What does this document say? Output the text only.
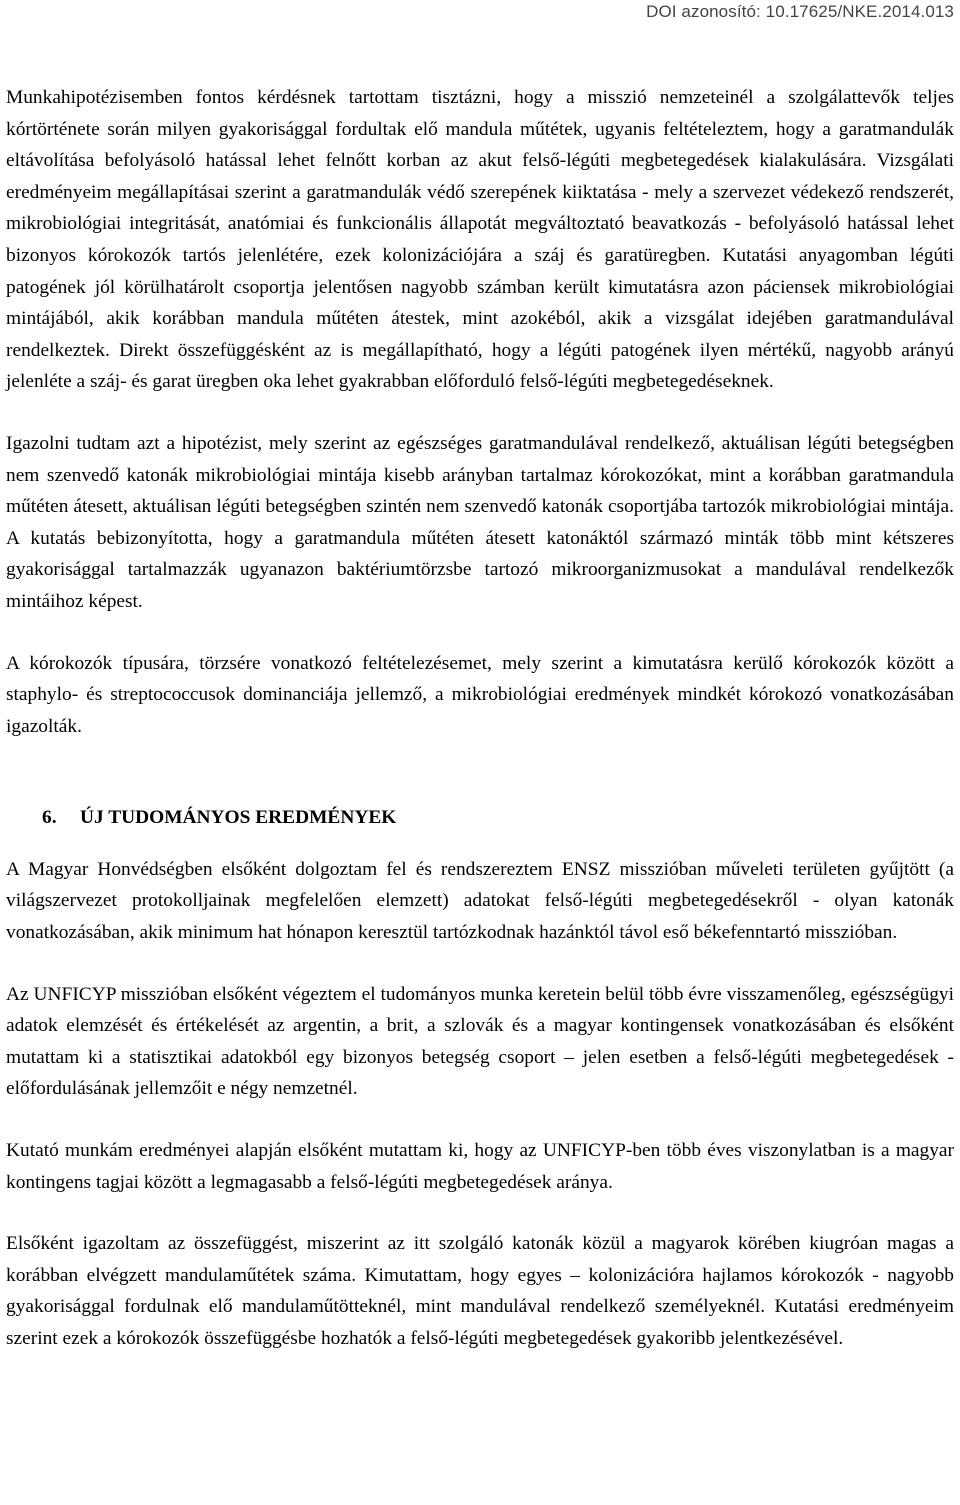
DOI azonosító: 10.17625/NKE.2014.013

Munkahipotézisemben fontos kérdésnek tartottam tisztázni, hogy a misszió nemzeteinél a szolgálattevők teljes kórtörténete során milyen gyakorisággal fordultak elő mandula műtétek, ugyanis feltételeztem, hogy a garatmandulák eltávolítása befolyásoló hatással lehet felnőtt korban az akut felső-légúti megbetegedések kialakulására. Vizsgálati eredményeim megállapításai szerint a garatmandulák védő szerepének kiiktatása - mely a szervezet védekező rendszerét, mikrobiológiai integritását, anatómiai és funkcionális állapotát megváltoztató beavatkozás - befolyásoló hatással lehet bizonyos kórokozók tartós jelenlétére, ezek kolonizációjára a száj és garatüregben. Kutatási anyagomban légúti patogének jól körülhatárolt csoportja jelentősen nagyobb számban került kimutatásra azon páciensek mikrobiológiai mintájából, akik korábban mandula műtéten átestek, mint azokéból, akik a vizsgálat idejében garatmandulával rendelkeztek. Direkt összefüggésként az is megállapítható, hogy a légúti patogének ilyen mértékű, nagyobb arányú jelenléte a száj- és garat üregben oka lehet gyakrabban előforduló felső-légúti megbetegedéseknek.

Igazolni tudtam azt a hipotézist, mely szerint az egészséges garatmandulával rendelkező, aktuálisan légúti betegségben nem szenvedő katonák mikrobiológiai mintája kisebb arányban tartalmaz kórokozókat, mint a korábban garatmandula műtéten átesett, aktuálisan légúti betegségben szintén nem szenvedő katonák csoportjába tartozók mikrobiológiai mintája. A kutatás bebizonyította, hogy a garatmandula műtéten átesett katonáktól származó minták több mint kétszeres gyakorisággal tartalmazzák ugyanazon baktériumtörzsbe tartozó mikroorganizmusokat a mandulával rendelkezők mintáihoz képest.

A kórokozók típusára, törzsére vonatkozó feltételezésemet, mely szerint a kimutatásra kerülő kórokozók között a staphylo- és streptococcusok dominanciája jellemző, a mikrobiológiai eredmények mindkét kórokozó vonatkozásában igazolták.

6.	ÚJ TUDOMÁNYOS EREDMÉNYEK

A Magyar Honvédségben elsőként dolgoztam fel és rendszereztem ENSZ misszióban műveleti területen gyűjtött (a világszervezet protokolljainak megfelelően elemzett) adatokat felső-légúti megbetegedésekről - olyan katonák vonatkozásában, akik minimum hat hónapon keresztül tartózkodnak hazánktól távol eső békefenntartó misszióban.

Az UNFICYP misszióban elsőként végeztem el tudományos munka keretein belül több évre visszamenőleg, egészségügyi adatok elemzését és értékelését az argentin, a brit, a szlovák és a magyar kontingensek vonatkozásában és elsőként mutattam ki a statisztikai adatokból egy bizonyos betegség csoport – jelen esetben a felső-légúti megbetegedések - előfordulásának jellemzőit e négy nemzetnél.

Kutató munkám eredményei alapján elsőként mutattam ki, hogy az UNFICYP-ben több éves viszonylatban is a magyar kontingens tagjai között a legmagasabb a felső-légúti megbetegedések aránya.

Elsőként igazoltam az összefüggést, miszerint az itt szolgáló katonák közül a magyarok körében kiugróan magas a korábban elvégzett mandulaműtétek száma. Kimutattam, hogy egyes – kolonizációra hajlamos kórokozók - nagyobb gyakorisággal fordulnak elő mandulaműtötteknél, mint mandulával rendelkező személyeknél. Kutatási eredményeim szerint ezek a kórokozók összefüggésbe hozhatók a felső-légúti megbetegedések gyakoribb jelentkezésével.
